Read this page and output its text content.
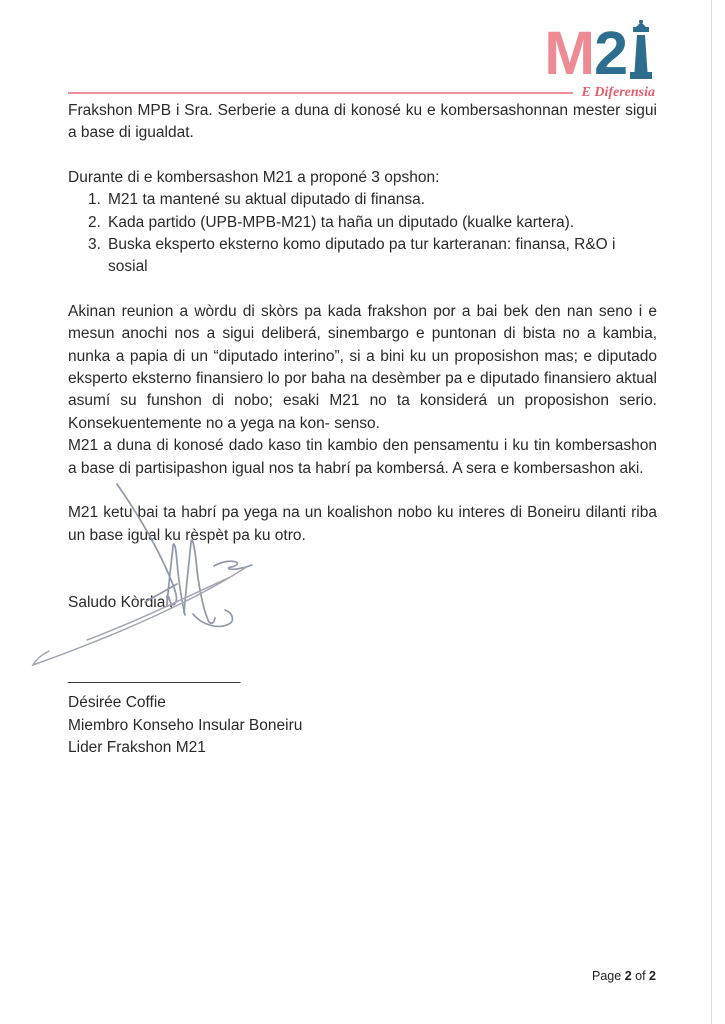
M 2
E Diferensia
Frakshon MPB i Sra. Serberie a duna di konosé ku e kombersashonnan mester sigui a base di igualdat.
Durante di e kombersashon M21 a proponé 3 opshon:
1. M21 ta mantené su aktual diputado di finansa.
2. Kada partido (UPB-MPB-M21) ta haña un diputado (kualke kartera).
3. Buska eksperto eksterno komo diputado pa tur karteranan: finansa, R&O i sosial
Akinan reunion a wòrdu di skòrs pa kada frakshon por a bai bek den nan seno i e mesun anochi nos a sigui deliberá, sinembargo e puntonan di bista no a kambia, nunka a papia di un “diputado interino”, si a bini ku un proposishon mas; e diputado eksperto eksterno finansiero lo por baha na desèmber pa e diputado finansiero aktual asumí su funshon di nobo; esaki M21 no ta konsiderá un proposishon serio. Konsekuentemente no a yega na kon- senso.
M21 a duna di konosé dado kaso tin kambio den pensamentu i ku tin kombersashon a base di partisipashon igual nos ta habrí pa kombersá. A sera e kombersashon aki.
M21 ketu bai ta habrí pa yega na un koalishon nobo ku interes di Boneiru dilanti riba un base igual ku rèspèt pa ku otro.
Saludo Kòrdial,
____________________
Désirée Coffie
Miembro Konseho Insular Boneiru
Lider Frakshon M21
Page 2 of 2
